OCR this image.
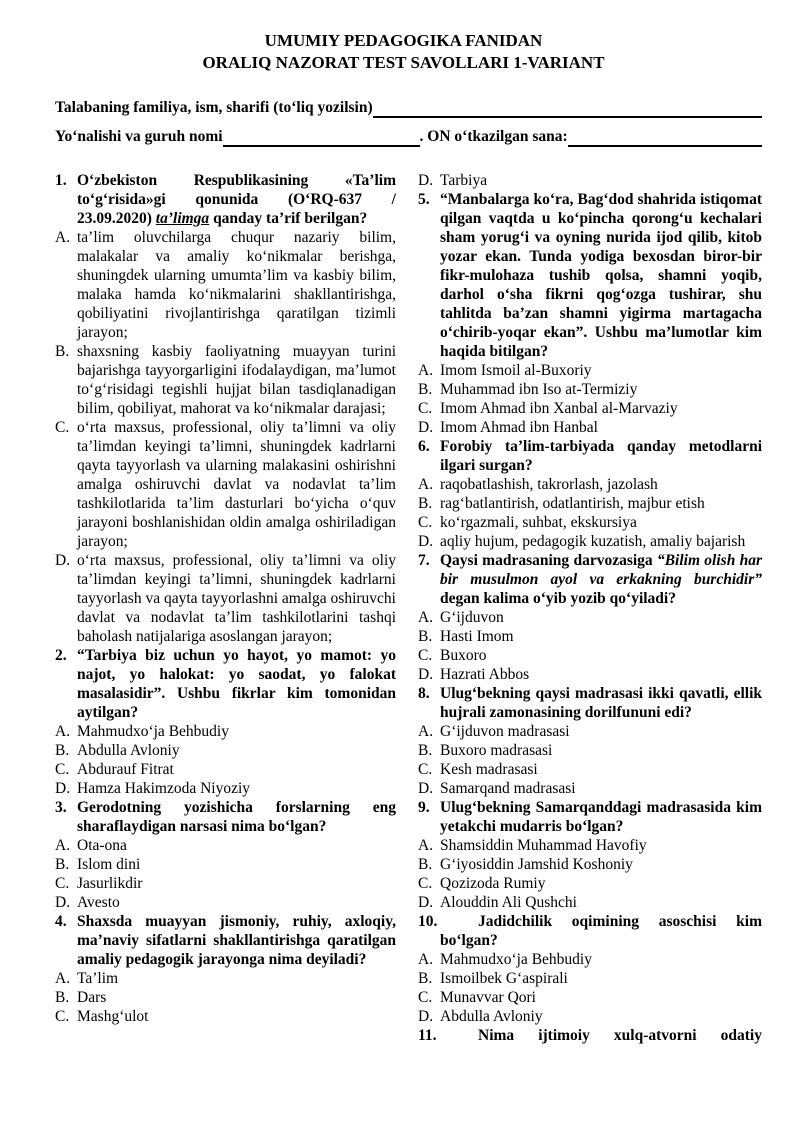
UMUMIY PEDAGOGIKA FANIDAN
ORALIQ NAZORAT TEST SAVOLLARI 1-VARIANT
Talabaning familiya, ism, sharifi (to‘liq yozilsin)
Yo‘nalishi va guruh nomi	. ON o‘tkazilgan sana:
1. O‘zbekiston Respublikasining «Ta’lim to‘g‘risida»gi qonunida (O‘RQ-637 / 23.09.2020) ta’limga qanday ta’rif berilgan?
A. ta’lim oluvchilarga chuqur nazariy bilim, malakalar va amaliy ko‘nikmalar berishga, shuningdek ularning umumta’lim va kasbiy bilim, malaka hamda ko‘nikmalarini shakllantirishga, qobiliyatini rivojlantirishga qaratilgan tizimli jarayon;
B. shaxsning kasbiy faoliyatning muayyan turini bajarishga tayyorgarligini ifodalaydigan, ma’lumot to‘g‘risidagi tegishli hujjat bilan tasdiqlanadigan bilim, qobiliyat, mahorat va ko‘nikmalar darajasi;
C. o‘rta maxsus, professional, oliy ta’limni va oliy ta’limdan keyingi ta’limni, shuningdek kadrlarni qayta tayyorlash va ularning malakasini oshirishni amalga oshiruvchi davlat va nodavlat ta’lim tashkilotlarida ta’lim dasturlari bo‘yicha o‘quv jarayoni boshlanishidan oldin amalga oshiriladigan jarayon;
D. o‘rta maxsus, professional, oliy ta’limni va oliy ta’limdan keyingi ta’limni, shuningdek kadrlarni tayyorlash va qayta tayyorlashni amalga oshiruvchi davlat va nodavlat ta’lim tashkilotlarini tashqi baholash natijalariga asoslangan jarayon;
2. “Tarbiya biz uchun yo hayot, yo mamot: yo najot, yo halokat: yo saodat, yo falokat masalasidir”. Ushbu fikrlar kim tomonidan aytilgan?
A. Mahmudxo‘ja Behbudiy
B. Abdulla Avloniy
C. Abdurauf Fitrat
D. Hamza Hakimzoda Niyoziy
3. Gerodotning yozishicha forslarning eng sharaflaydigan narsasi nima bo‘lgan?
A. Ota-ona
B. Islom dini
C. Jasurlikdir
D. Avesto
4. Shaxsda muayyan jismoniy, ruhiy, axloqiy, ma’naviy sifatlarni shakllantirishga qaratilgan amaliy pedagogik jarayonga nima deyiladi?
A. Ta’lim
B. Dars
C. Mashg‘ulot
D. Tarbiya
5. “Manbalarga ko‘ra, Bag‘dod shahrida istiqomat qilgan vaqtda u ko‘pincha qorong‘u kechalari sham yorug‘i va oyning nurida ijod qilib, kitob yozar ekan. Tunda yodiga bexosdan biror-bir fikr-mulohaza tushib qolsa, shamni yoqib, darhol o‘sha fikrni qog‘ozga tushirar, shu tahlitda ba’zan shamni yigirma martagacha o‘chirib-yoqar ekan”. Ushbu ma’lumotlar kim haqida bitilgan?
A. Imom Ismoil al-Buxoriy
B. Muhammad ibn Iso at-Termiziy
C. Imom Ahmad ibn Xanbal al-Marvaziy
D. Imom Ahmad ibn Hanbal
6. Forobiy ta’lim-tarbiyada qanday metodlarni ilgari surgan?
A. raqobatlashish, takrorlash, jazolash
B. rag‘batlantirish, odatlantirish, majbur etish
C. ko‘rgazmali, suhbat, ekskursiya
D. aqliy hujum, pedagogik kuzatish, amaliy bajarish
7. Qaysi madrasaning darvozasiga “Bilim olish har bir musulmon ayol va erkakning burchidir” degan kalima o‘yib yozib qo‘yiladi?
A. G‘ijduvon
B. Hasti Imom
C. Buxoro
D. Hazrati Abbos
8. Ulug‘bekning qaysi madrasasi ikki qavatli, ellik hujrali zamonasining dorilfununi edi?
A. G‘ijduvon madrasasi
B. Buxoro madrasasi
C. Kesh madrasasi
D. Samarqand madrasasi
9. Ulug‘bekning Samarqanddagi madrasasida kim yetakchi mudarris bo‘lgan?
A. Shamsiddin Muhammad Havofiy
B. G‘iyosiddin Jamshid Koshoniy
C. Qozizoda Rumiy
D. Alouddin Ali Qushchi
10.	Jadidchilik oqimining asoschisi kim bo‘lgan?
A. Mahmudxo‘ja Behbudiy
B. Ismoilbek G‘aspirali
C. Munavvar Qori
D. Abdulla Avloniy
11.	Nima ijtimoiy xulq-atvorni odatiy
